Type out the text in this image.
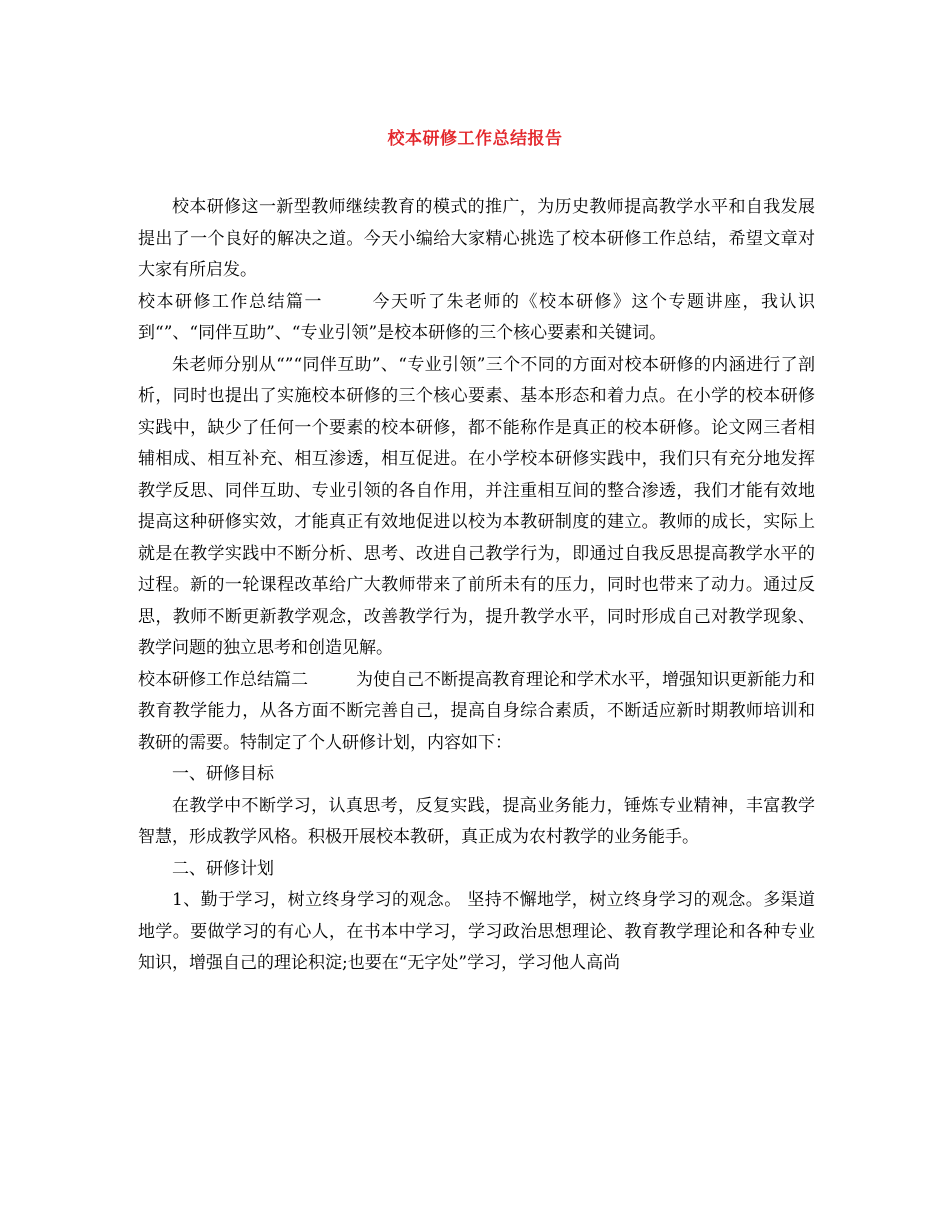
校本研修工作总结报告

校本研修这一新型教师继续教育的模式的推广，为历史教师提高教学水平和自我发展提出了一个良好的解决之道。今天小编给大家精心挑选了校本研修工作总结，希望文章对大家有所启发。

校本研修工作总结篇一	今天听了朱老师的《校本研修》这个专题讲座，我认识到“”、“同伴互助”、“专业引领”是校本研修的三个核心要素和关键词。

朱老师分别从“”“同伴互助”、“专业引领”三个不同的方面对校本研修的内涵进行了剖析，同时也提出了实施校本研修的三个核心要素、基本形态和着力点。在小学的校本研修实践中，缺少了任何一个要素的校本研修，都不能称作是真正的校本研修。论文网三者相辅相成、相互补充、相互渗透，相互促进。在小学校本研修实践中，我们只有充分地发挥教学反思、同伴互助、专业引领的各自作用，并注重相互间的整合渗透，我们才能有效地提高这种研修实效，才能真正有效地促进以校为本教研制度的建立。教师的成长，实际上就是在教学实践中不断分析、思考、改进自己教学行为，即通过自我反思提高教学水平的过程。新的一轮课程改革给广大教师带来了前所未有的压力，同时也带来了动力。通过反思，教师不断更新教学观念，改善教学行为，提升教学水平，同时形成自己对教学现象、教学问题的独立思考和创造见解。

校本研修工作总结篇二	为使自己不断提高教育理论和学术水平，增强知识更新能力和教育教学能力，从各方面不断完善自己，提高自身综合素质，不断适应新时期教师培训和教研的需要。特制定了个人研修计划，内容如下：

一、研修目标

在教学中不断学习，认真思考，反复实践，提高业务能力，锤炼专业精神，丰富教学智慧，形成教学风格。积极开展校本教研，真正成为农村教学的业务能手。

二、研修计划

1、勤于学习，树立终身学习的观念。 坚持不懈地学，树立终身学习的观念。多渠道地学。要做学习的有心人，在书本中学习，学习政治思想理论、教育教学理论和各种专业知识，增强自己的理论积淀;也要在“无字处”学习，学习他人高尚
